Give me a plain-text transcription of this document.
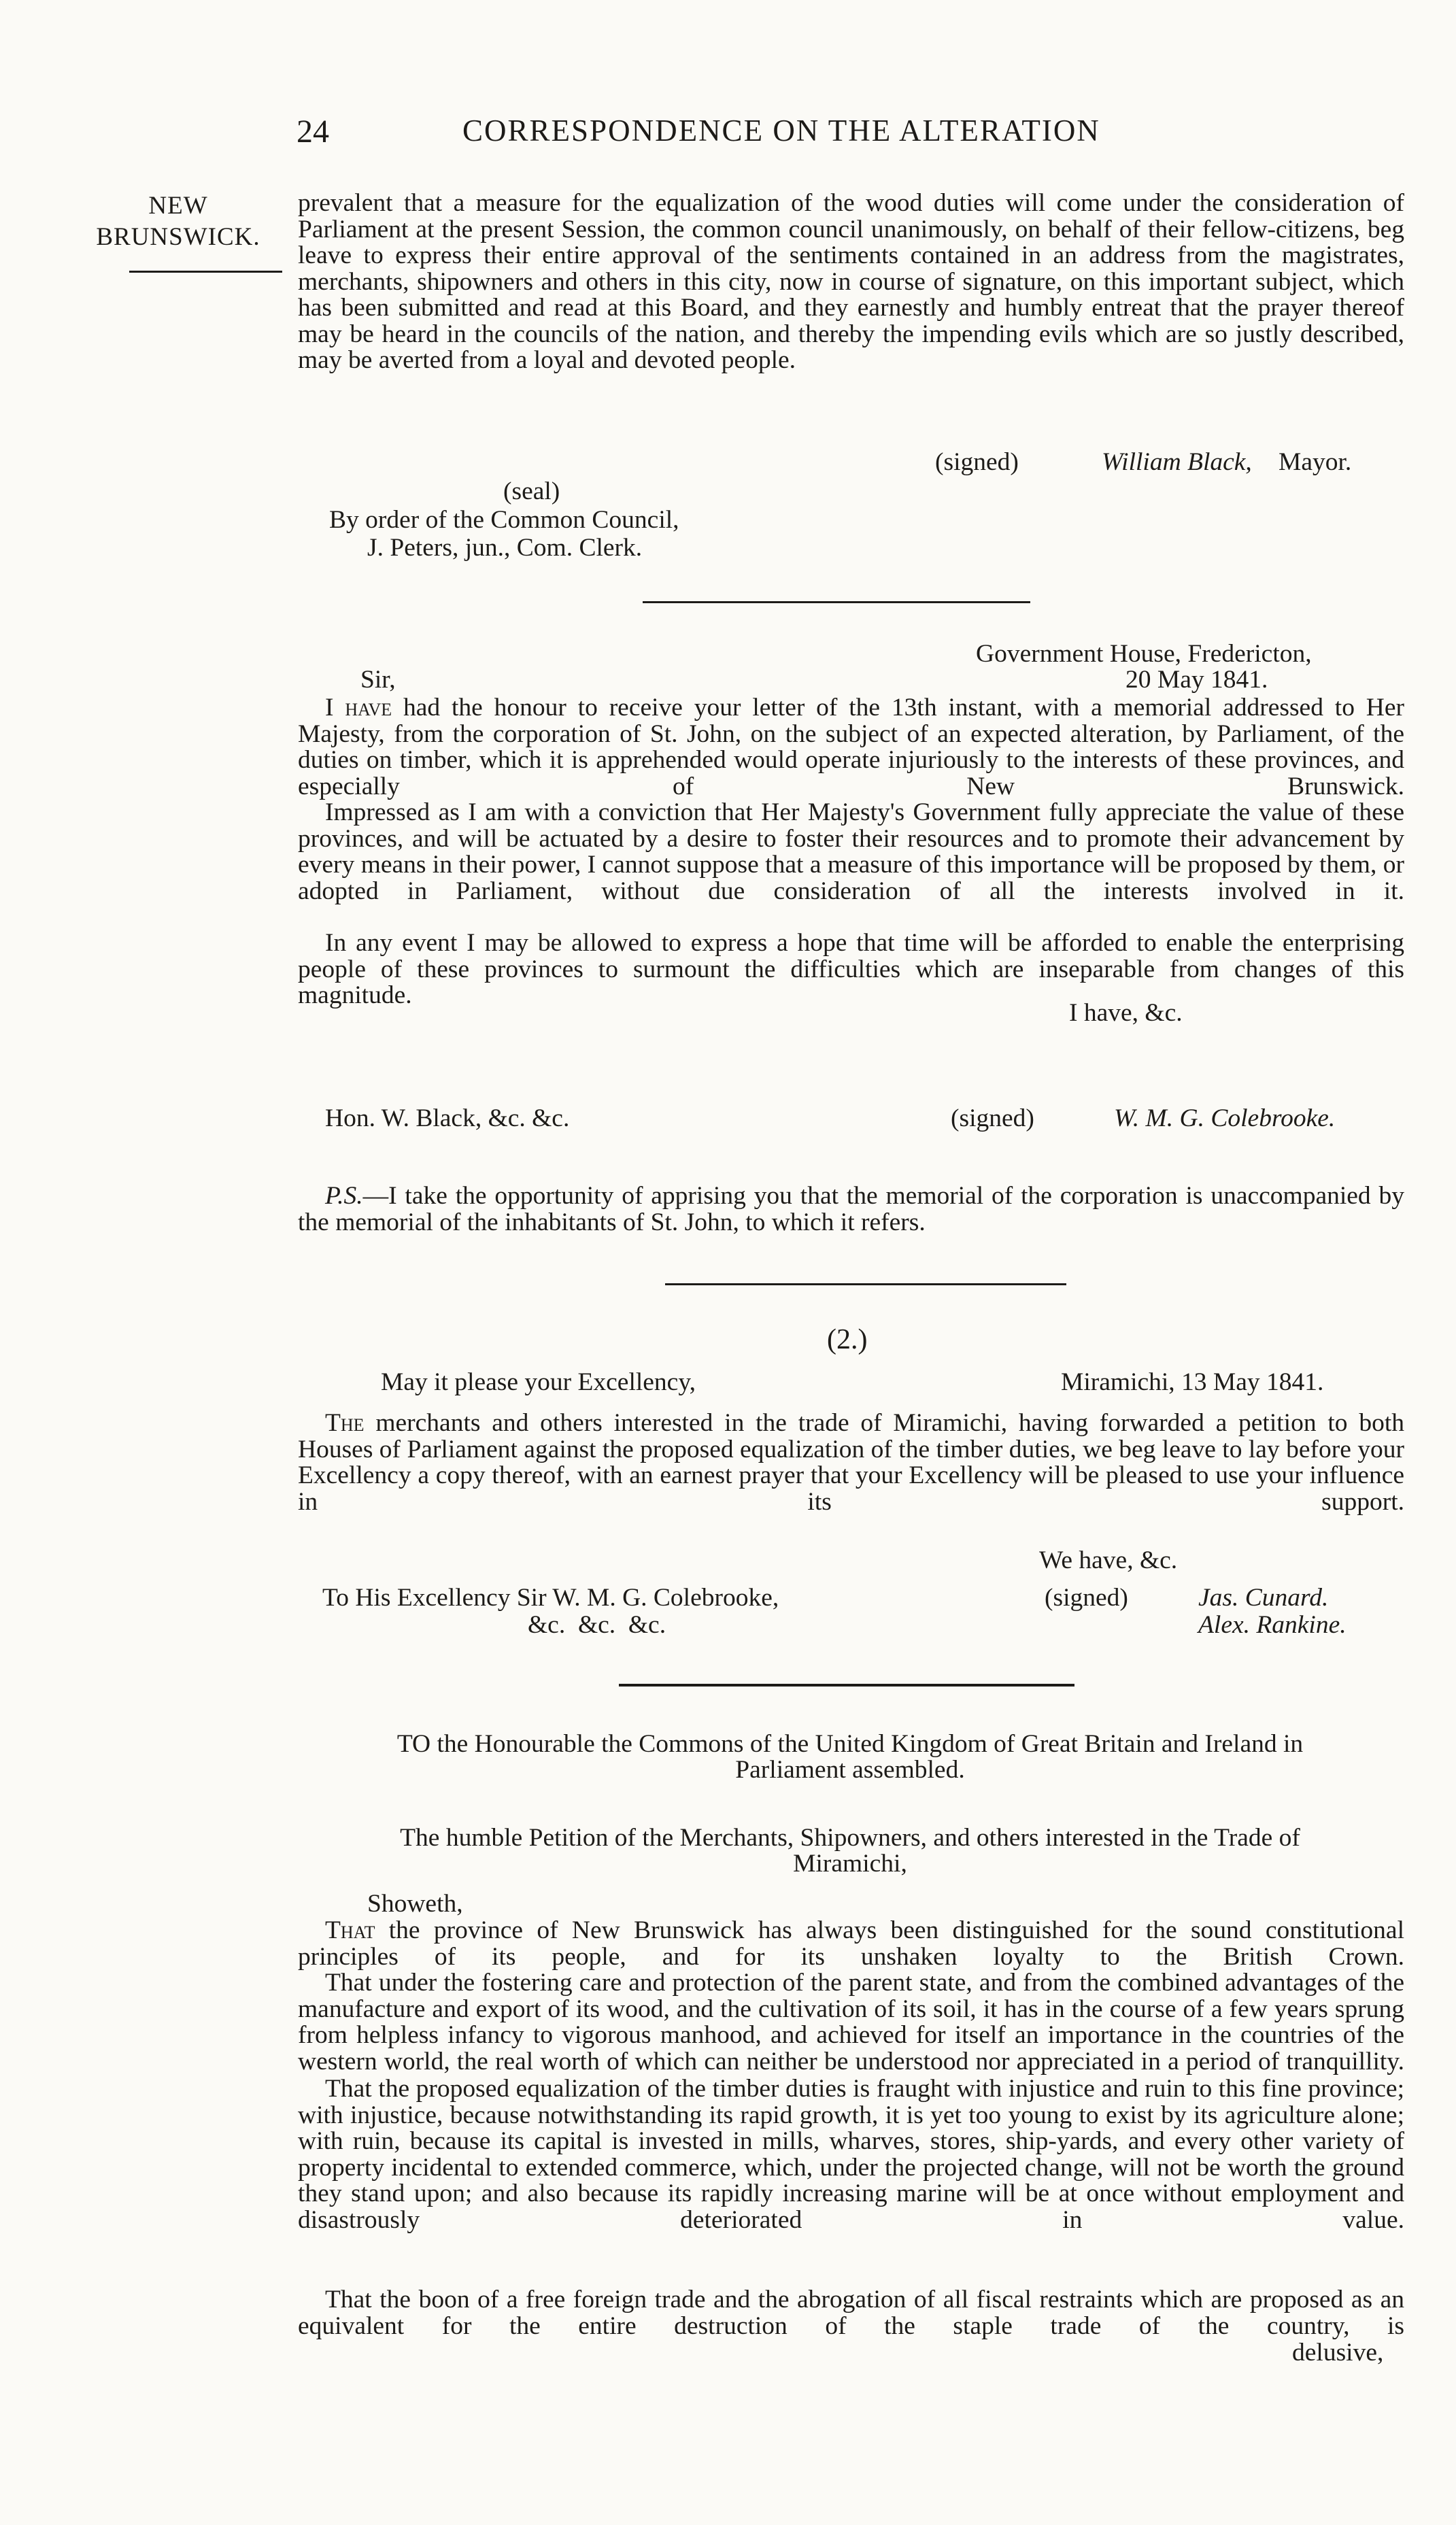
24	CORRESPONDENCE ON THE ALTERATION
NEW
BRUNSWICK.
prevalent that a measure for the equalization of the wood duties will come under the consideration of Parliament at the present Session, the common council unanimously, on behalf of their fellow-citizens, beg leave to express their entire approval of the sentiments contained in an address from the magistrates, merchants, shipowners and others in this city, now in course of signature, on this important subject, which has been submitted and read at this Board, and they earnestly and humbly entreat that the prayer thereof may be heard in the councils of the nation, and thereby the impending evils which are so justly described, may be averted from a loyal and devoted people.
(signed)	William Black, Mayor.
(seal)
By order of the Common Council,
J. Peters, jun., Com. Clerk.
Government House, Fredericton,
Sir,	20 May 1841.
I have had the honour to receive your letter of the 13th instant, with a memorial addressed to Her Majesty, from the corporation of St. John, on the subject of an expected alteration, by Parliament, of the duties on timber, which it is apprehended would operate injuriously to the interests of these provinces, and especially of New Brunswick.
Impressed as I am with a conviction that Her Majesty's Government fully appreciate the value of these provinces, and will be actuated by a desire to foster their resources and to promote their advancement by every means in their power, I cannot suppose that a measure of this importance will be proposed by them, or adopted in Parliament, without due consideration of all the interests involved in it.
In any event I may be allowed to express a hope that time will be afforded to enable the enterprising people of these provinces to surmount the difficulties which are inseparable from changes of this magnitude.
I have, &c.
Hon. W. Black, &c. &c.	(signed)	W. M. G. Colebrooke.
P.S.—I take the opportunity of apprising you that the memorial of the corporation is unaccompanied by the memorial of the inhabitants of St. John, to which it refers.
(2.)
May it please your Excellency,	Miramichi, 13 May 1841.
The merchants and others interested in the trade of Miramichi, having forwarded a petition to both Houses of Parliament against the proposed equalization of the timber duties, we beg leave to lay before your Excellency a copy thereof, with an earnest prayer that your Excellency will be pleased to use your influence in its support.
We have, &c.
To His Excellency Sir W. M. G. Colebrooke,
&c.  &c.  &c.
(signed)	Jas. Cunard.
Alex. Rankine.
TO the Honourable the Commons of the United Kingdom of Great Britain and Ireland in
Parliament assembled.
The humble Petition of the Merchants, Shipowners, and others interested in the Trade of
Miramichi,
Showeth,
That the province of New Brunswick has always been distinguished for the sound constitutional principles of its people, and for its unshaken loyalty to the British Crown.
That under the fostering care and protection of the parent state, and from the combined advantages of the manufacture and export of its wood, and the cultivation of its soil, it has in the course of a few years sprung from helpless infancy to vigorous manhood, and achieved for itself an importance in the countries of the western world, the real worth of which can neither be understood nor appreciated in a period of tranquillity.
That the proposed equalization of the timber duties is fraught with injustice and ruin to this fine province; with injustice, because notwithstanding its rapid growth, it is yet too young to exist by its agriculture alone; with ruin, because its capital is invested in mills, wharves, stores, ship-yards, and every other variety of property incidental to extended commerce, which, under the projected change, will not be worth the ground they stand upon; and also because its rapidly increasing marine will be at once without employment and disastrously deteriorated in value.
That the boon of a free foreign trade and the abrogation of all fiscal restraints which are proposed as an equivalent for the entire destruction of the staple trade of the country, is
delusive,
